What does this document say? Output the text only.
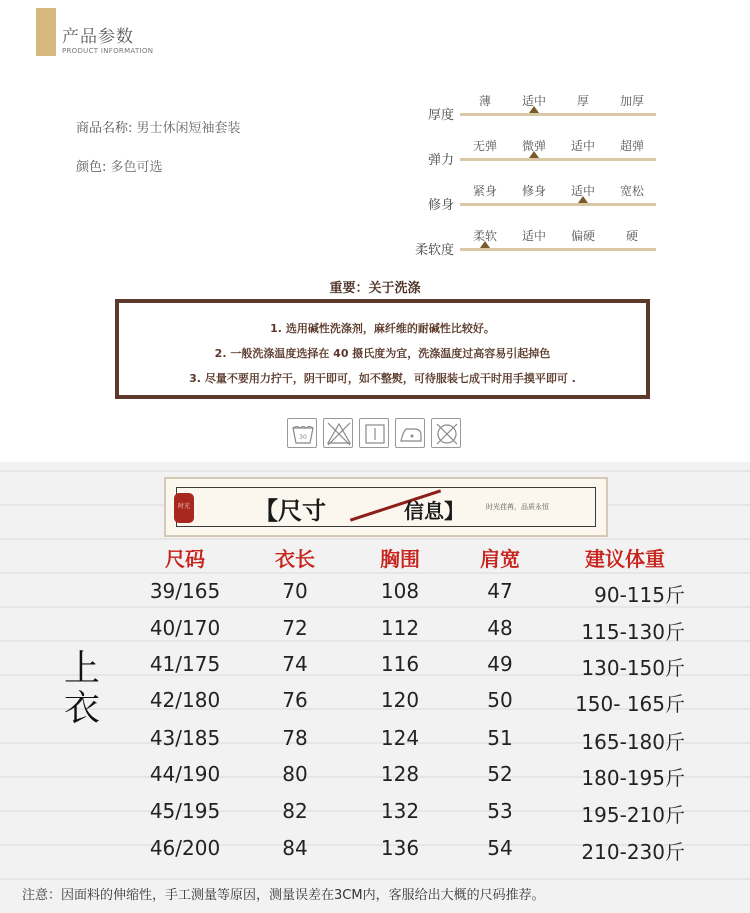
产品参数
PRODUCT INFORMATION
商品名称: 男士休闲短袖套装
颜色: 多色可选
厚度
薄	适中	厚	加厚
弹力
无弹	微弹	适中	超弹
修身
紧身	修身	适中	宽松
柔软度
柔软	适中	偏硬	硬
重要：关于洗涤
1. 选用碱性洗涤剂，麻纤维的耐碱性比较好。
2. 一般洗涤温度选择在 40 摄氏度为宜，洗涤温度过高容易引起掉色
3. 尽量不要用力拧干，阴干即可，如不整熨，可待服装七成干时用手摸平即可 .
30
时光	【尺寸	信息】	时光荏苒，品质永恒
上
衣
尺码	衣长	胸围	肩宽	建议体重
39/165	70	108	47	90-115斤
40/170	72	112	48	115-130斤
41/175	74	116	49	130-150斤
42/180	76	120	50	150- 165斤
43/185	78	124	51	165-180斤
44/190	80	128	52	180-195斤
45/195	82	132	53	195-210斤
46/200	84	136	54	210-230斤
注意：因面料的伸缩性，手工测量等原因，测量误差在3CM内，客服给出大概的尺码推荐。
